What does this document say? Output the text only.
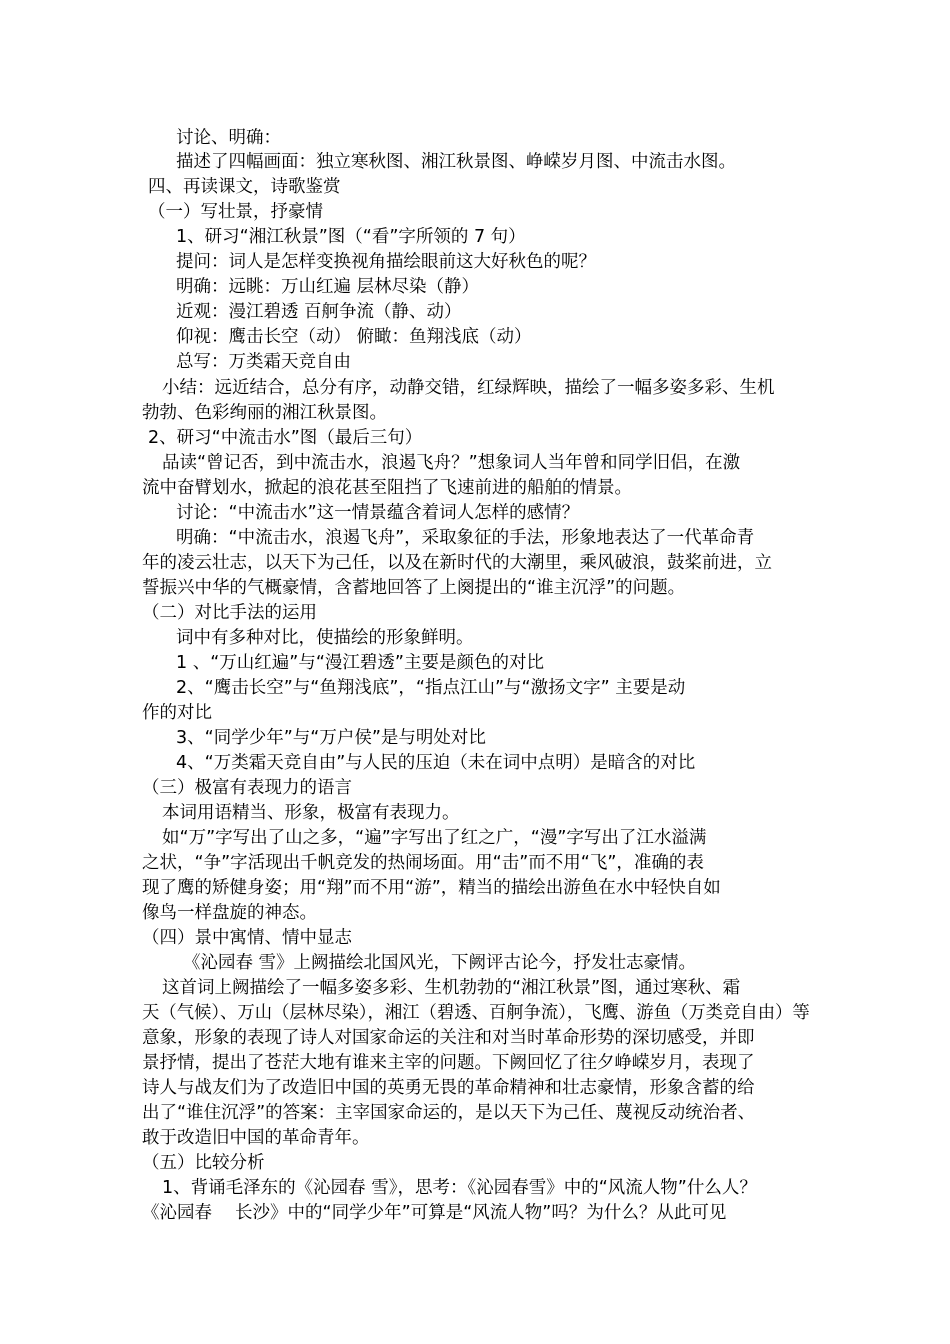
讨论、明确：
描述了四幅画面：独立寒秋图、湘江秋景图、峥嵘岁月图、中流击水图。
四、再读课文，诗歌鉴赏
（一）写壮景，抒豪情
1、研习“湘江秋景”图（“看”字所领的 7 句）
提问：词人是怎样变换视角描绘眼前这大好秋色的呢？
明确：远眺：万山红遍 层林尽染（静）
近观：漫江碧透 百舸争流（静、动）
仰视：鹰击长空（动） 俯瞰：鱼翔浅底（动）
总写：万类霜天竞自由
小结：远近结合，总分有序，动静交错，红绿辉映，描绘了一幅多姿多彩、生机
勃勃、色彩绚丽的湘江秋景图。
2、研习“中流击水”图（最后三句）
品读“曾记否，到中流击水，浪遏飞舟？”想象词人当年曾和同学旧侣，在激
流中奋臂划水，掀起的浪花甚至阻挡了飞速前进的船舶的情景。
讨论：“中流击水”这一情景蕴含着词人怎样的感情？
明确：“中流击水，浪遏飞舟”，采取象征的手法，形象地表达了一代革命青
年的凌云壮志，以天下为己任，以及在新时代的大潮里，乘风破浪，鼓桨前进，立
誓振兴中华的气概豪情，含蓄地回答了上阕提出的“谁主沉浮”的问题。
（二）对比手法的运用
词中有多种对比，使描绘的形象鲜明。
1 、“万山红遍”与“漫江碧透”主要是颜色的对比
2、“鹰击长空”与“鱼翔浅底”，“指点江山”与“激扬文字” 主要是动
作的对比
3、“同学少年”与“万户侯”是与明处对比
4、“万类霜天竞自由”与人民的压迫（未在词中点明）是暗含的对比
（三）极富有表现力的语言
本词用语精当、形象，极富有表现力。
如“万”字写出了山之多，“遍”字写出了红之广，“漫”字写出了江水溢满
之状，“争”字活现出千帆竞发的热闹场面。用“击”而不用“飞”，准确的表
现了鹰的矫健身姿；用“翔”而不用“游”，精当的描绘出游鱼在水中轻快自如
像鸟一样盘旋的神态。
（四）景中寓情、情中显志
《沁园春 雪》上阙描绘北国风光，下阙评古论今，抒发壮志豪情。
这首词上阙描绘了一幅多姿多彩、生机勃勃的“湘江秋景”图，通过寒秋、霜
天（气候）、万山（层林尽染），湘江（碧透、百舸争流），飞鹰、游鱼（万类竞自由）等
意象，形象的表现了诗人对国家命运的关注和对当时革命形势的深切感受，并即
景抒情，提出了苍茫大地有谁来主宰的问题。下阙回忆了往夕峥嵘岁月，表现了
诗人与战友们为了改造旧中国的英勇无畏的革命精神和壮志豪情，形象含蓄的给
出了“谁住沉浮”的答案：主宰国家命运的，是以天下为己任、蔑视反动统治者、
敢于改造旧中国的革命青年。
（五）比较分析
1、背诵毛泽东的《沁园春 雪》，思考：《沁园春雪》中的“风流人物”什么人？
《沁园春　 长沙》中的“同学少年”可算是“风流人物”吗？为什么？从此可见
